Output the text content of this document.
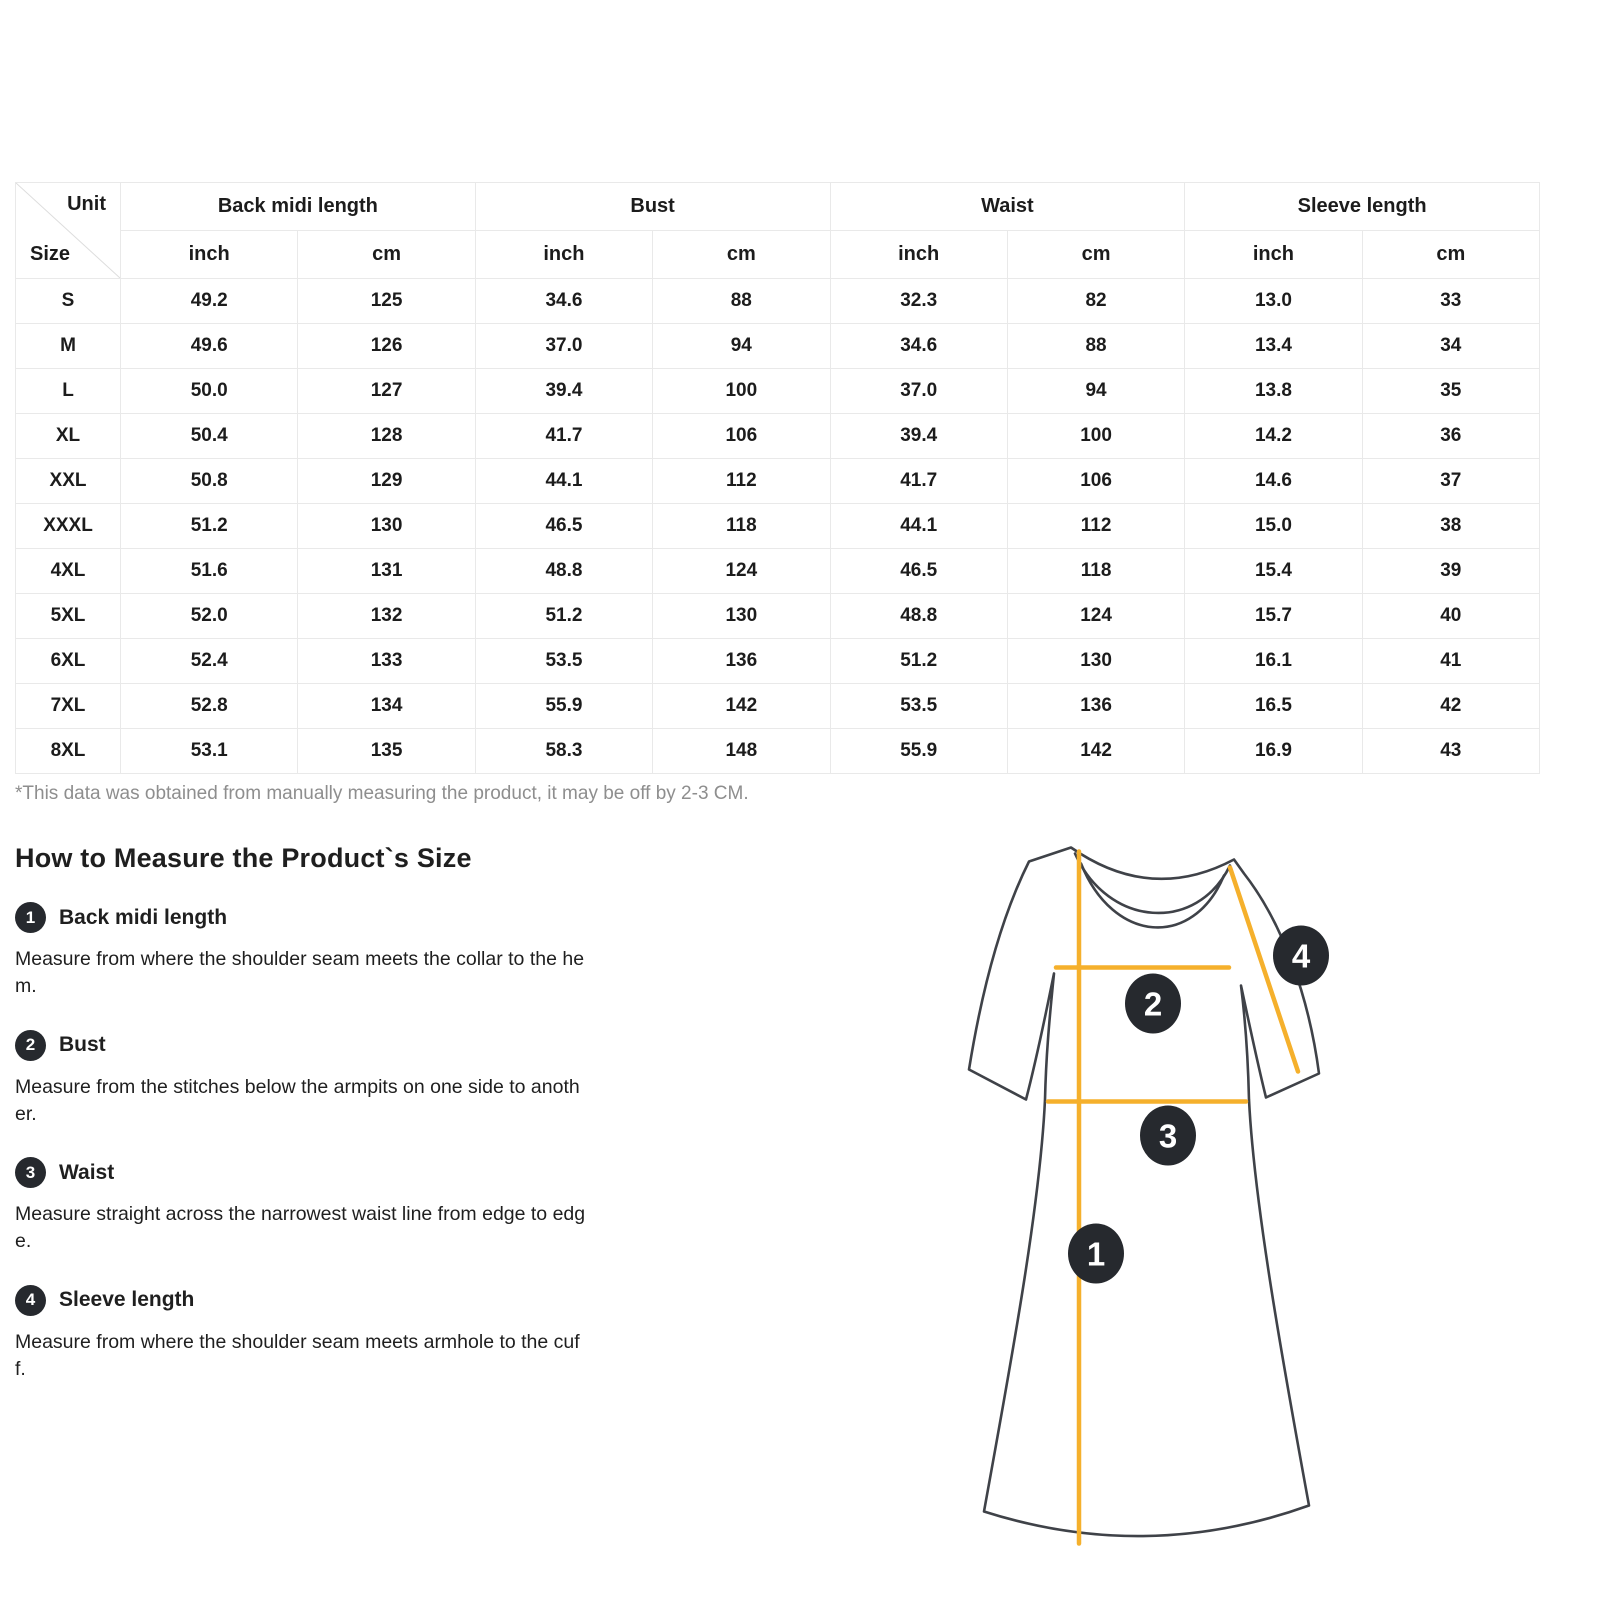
Unit
Size	Back midi length		Bust		Waist		Sleeve length	
	inch	cm	inch	cm	inch	cm	inch	cm
S	49.2	125	34.6	88	32.3	82	13.0	33
M	49.6	126	37.0	94	34.6	88	13.4	34
L	50.0	127	39.4	100	37.0	94	13.8	35
XL	50.4	128	41.7	106	39.4	100	14.2	36
XXL	50.8	129	44.1	112	41.7	106	14.6	37
XXXL	51.2	130	46.5	118	44.1	112	15.0	38
4XL	51.6	131	48.8	124	46.5	118	15.4	39
5XL	52.0	132	51.2	130	48.8	124	15.7	40
6XL	52.4	133	53.5	136	51.2	130	16.1	41
7XL	52.8	134	55.9	142	53.5	136	16.5	42
8XL	53.1	135	58.3	148	55.9	142	16.9	43

*This data was obtained from manually measuring the product, it may be off by 2-3 CM.

How to Measure the Product`s Size
1	Back midi length

Measure from where the shoulder seam meets the collar to the hem.

2	Bust

Measure from the stitches below the armpits on one side to another.

3	Waist

Measure straight across the narrowest waist line from edge to edge.

4	Sleeve length

Measure from where the shoulder seam meets armhole to the cuff.

2
4
3
1
